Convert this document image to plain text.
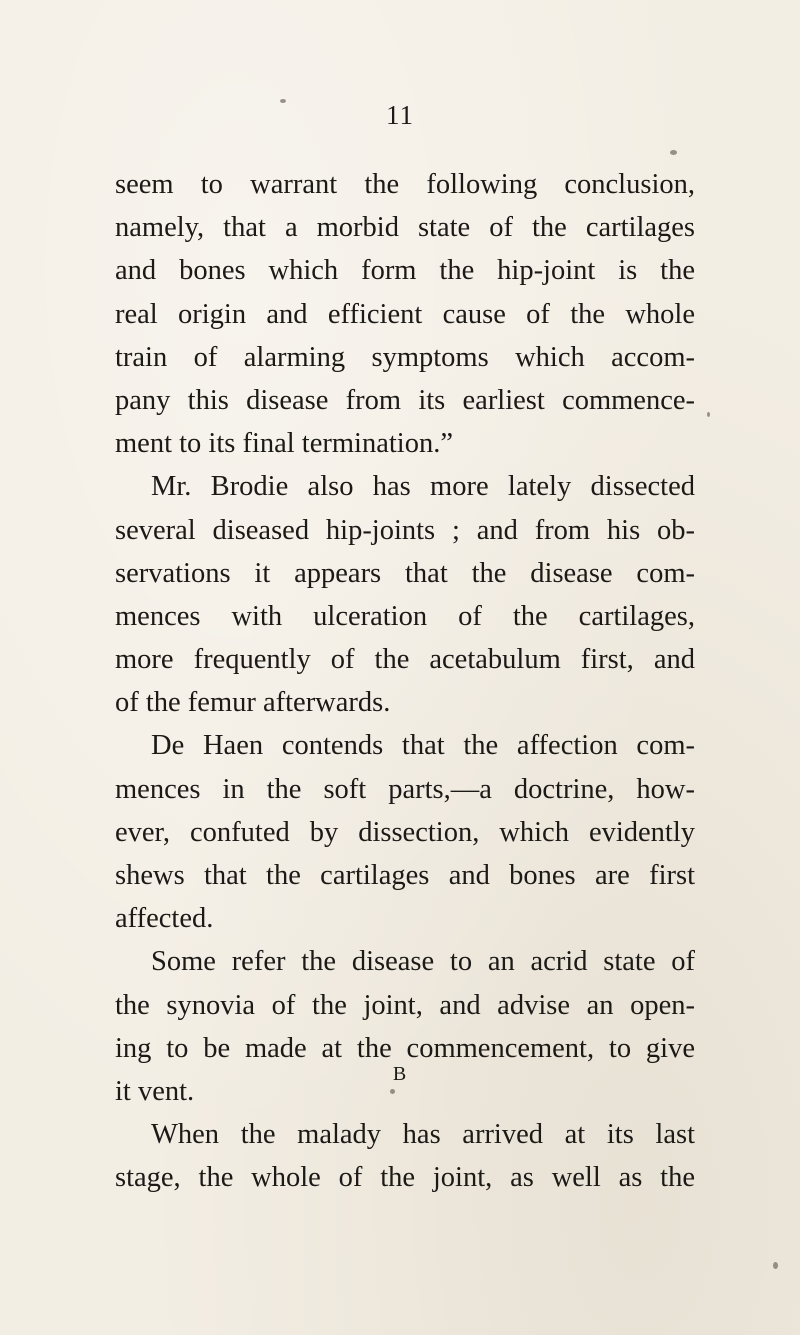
11
seem to warrant the following conclusion,
namely, that a morbid state of the cartilages
and bones which form the hip-joint is the
real origin and efficient cause of the whole
train of alarming symptoms which accom-
pany this disease from its earliest commence-
ment to its final termination.”
Mr. Brodie also has more lately dissected
several diseased hip-joints ; and from his ob-
servations it appears that the disease com-
mences with ulceration of the cartilages,
more frequently of the acetabulum first, and
of the femur afterwards.
De Haen contends that the affection com-
mences in the soft parts,—a doctrine, how-
ever, confuted by dissection, which evidently
shews that the cartilages and bones are first
affected.
Some refer the disease to an acrid state of
the synovia of the joint, and advise an open-
ing to be made at the commencement, to give
it vent.
When the malady has arrived at its last
stage, the whole of the joint, as well as the
B
